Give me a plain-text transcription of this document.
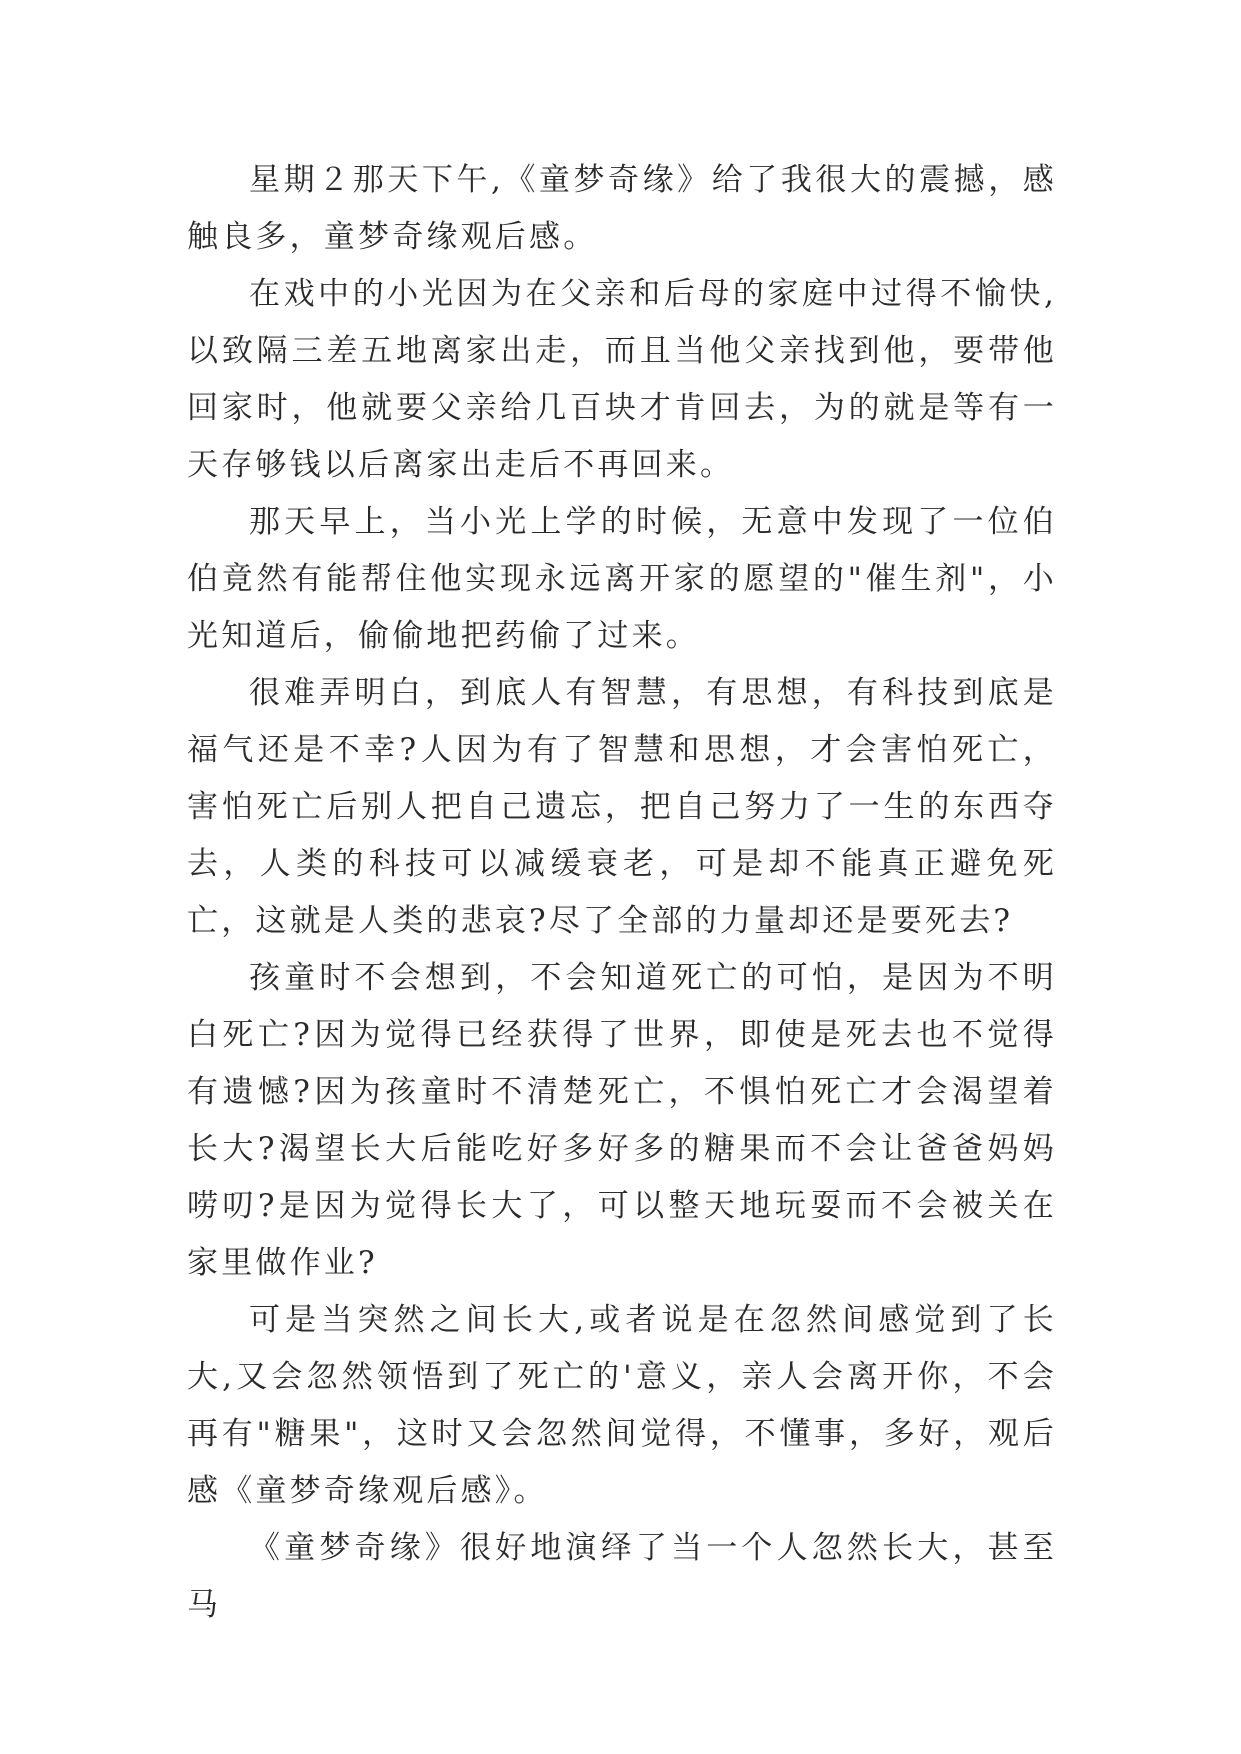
星期２那天下午,《童梦奇缘》给了我很大的震撼，感触良多，童梦奇缘观后感。

在戏中的小光因为在父亲和后母的家庭中过得不愉快,以致隔三差五地离家出走，而且当他父亲找到他，要带他回家时，他就要父亲给几百块才肯回去，为的就是等有一天存够钱以后离家出走后不再回来。

那天早上，当小光上学的时候，无意中发现了一位伯伯竟然有能帮住他实现永远离开家的愿望的"催生剂"，小光知道后，偷偷地把药偷了过来。

很难弄明白，到底人有智慧，有思想，有科技到底是福气还是不幸?人因为有了智慧和思想，才会害怕死亡，害怕死亡后别人把自己遗忘，把自己努力了一生的东西夺去，人类的科技可以减缓衰老，可是却不能真正避免死亡，这就是人类的悲哀?尽了全部的力量却还是要死去?

孩童时不会想到，不会知道死亡的可怕，是因为不明白死亡?因为觉得已经获得了世界，即使是死去也不觉得有遗憾?因为孩童时不清楚死亡，不惧怕死亡才会渴望着长大?渴望长大后能吃好多好多的糖果而不会让爸爸妈妈唠叨?是因为觉得长大了，可以整天地玩耍而不会被关在家里做作业?

可是当突然之间长大,或者说是在忽然间感觉到了长大,又会忽然领悟到了死亡的'意义，亲人会离开你，不会再有"糖果"，这时又会忽然间觉得，不懂事，多好，观后感《童梦奇缘观后感》。

《童梦奇缘》很好地演绎了当一个人忽然长大，甚至马
